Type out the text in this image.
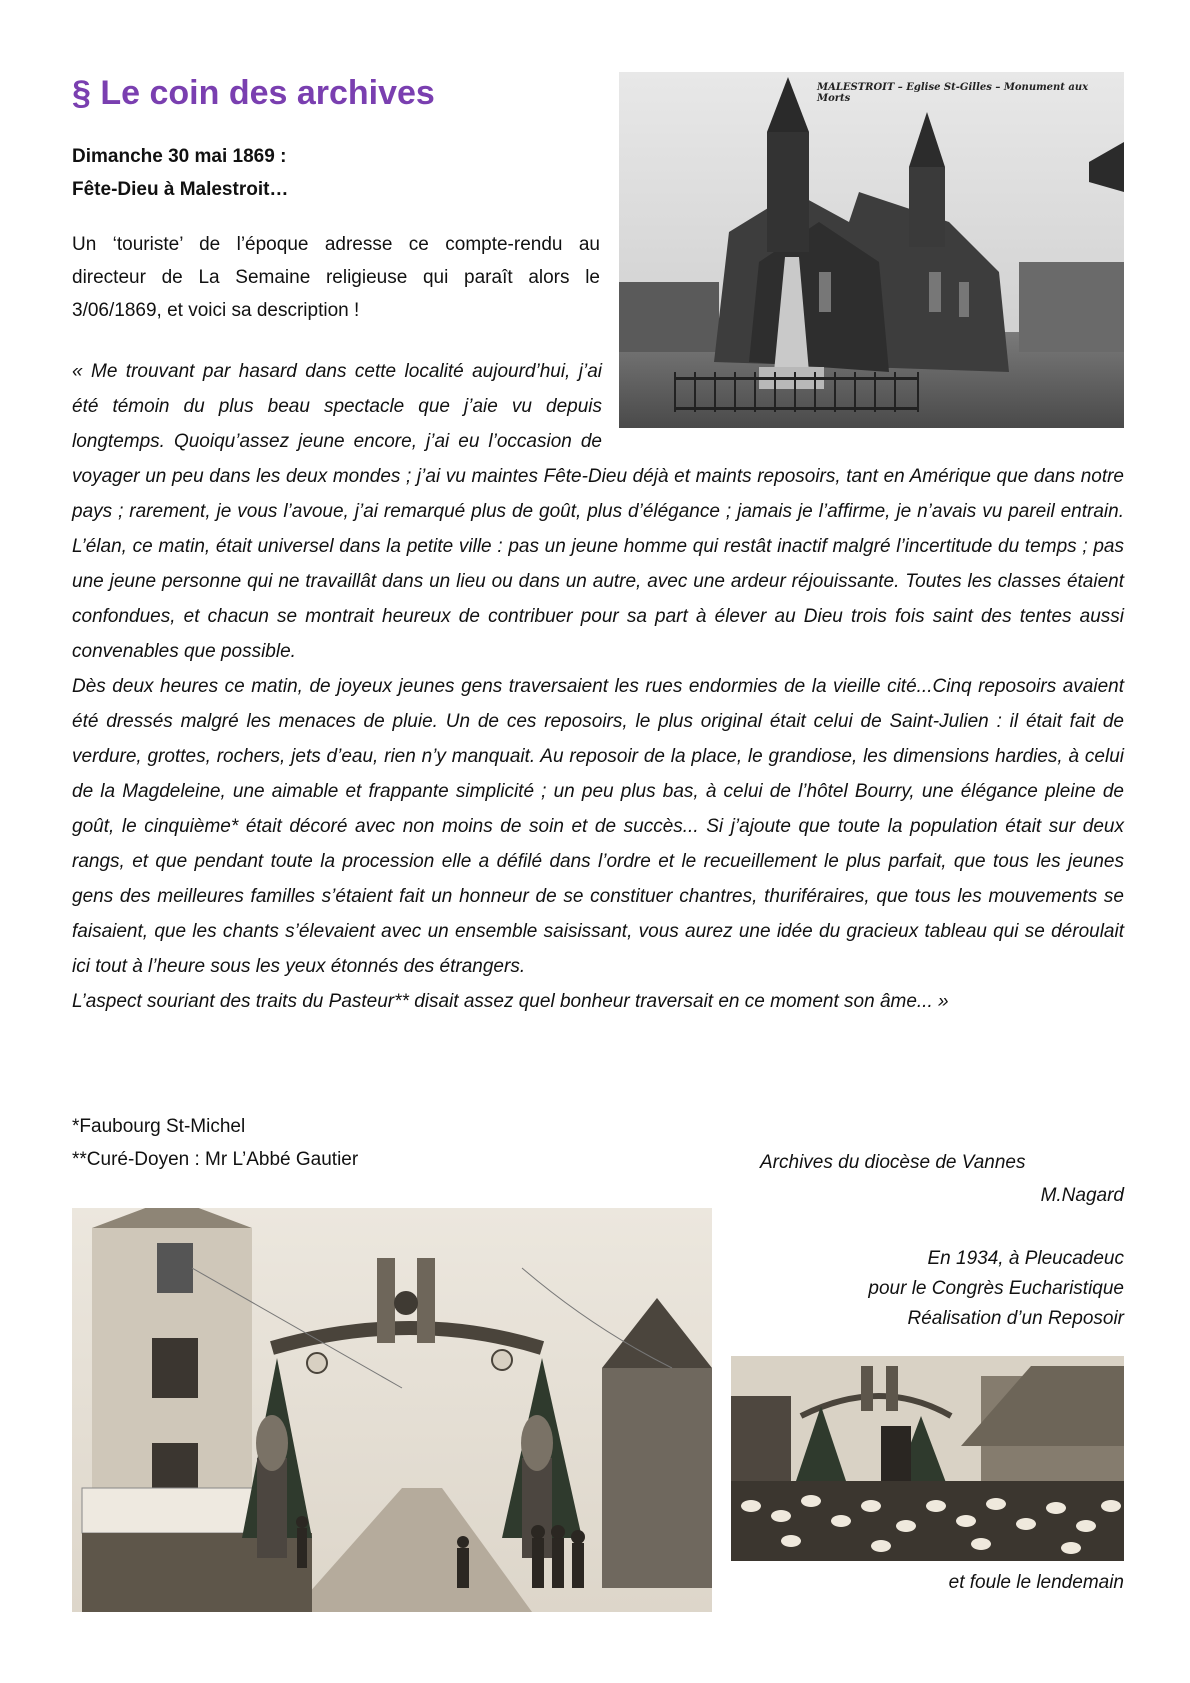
§ Le coin des archives
Dimanche 30 mai 1869 :
Fête-Dieu à Malestroit…
Un ‘touriste’ de l’époque adresse ce compte-rendu au directeur de La Semaine religieuse qui paraît alors le 3/06/1869, et voici sa description !
MALESTROIT – Eglise St-Gilles – Monument aux Morts

« Me trouvant par hasard dans cette localité aujourd’hui, j’ai été témoin du plus beau spectacle que j’aie vu depuis longtemps. Quoiqu’assez jeune encore, j’ai eu l’occasion de voyager un peu dans les deux mondes ; j’ai vu maintes Fête-Dieu déjà et maints reposoirs, tant en Amérique que dans notre pays ; rarement, je vous l’avoue, j’ai remarqué plus de goût, plus d’élégance ; jamais je l’affirme, je n’avais vu pareil entrain. L’élan, ce matin, était universel dans la petite ville : pas un jeune homme qui restât inactif malgré l’incertitude du temps ; pas une jeune personne qui ne travaillât dans un lieu ou dans un autre, avec une ardeur réjouissante. Toutes les classes étaient confondues, et chacun se montrait heureux de contribuer pour sa part à élever au Dieu trois fois saint des tentes aussi convenables que possible.

Dès deux heures ce matin, de joyeux jeunes gens traversaient les rues endormies de la vieille cité...Cinq reposoirs avaient été dressés malgré les menaces de pluie. Un de ces reposoirs, le plus original était celui de Saint-Julien : il était fait de verdure, grottes, rochers, jets d’eau, rien n’y manquait. Au reposoir de la place, le grandiose, les dimensions hardies, à celui de la Magdeleine, une aimable et frappante simplicité ; un peu plus bas, à celui de l’hôtel Bourry, une élégance pleine de goût, le cinquième* était décoré avec non moins de soin et de succès... Si j’ajoute que toute la population était sur deux rangs, et que pendant toute la procession elle a défilé dans l’ordre et le recueillement le plus parfait, que tous les jeunes gens des meilleures familles s’étaient fait un honneur de se constituer chantres, thuriféraires, que tous les mouvements se faisaient, que les chants s’élevaient avec un ensemble saisissant, vous aurez une idée du gracieux tableau qui se déroulait ici tout à l’heure sous les yeux étonnés des étrangers.

L’aspect souriant des traits du Pasteur** disait assez quel bonheur traversait en ce moment son âme... »

*Faubourg St-Michel
**Curé-Doyen : Mr L’Abbé Gautier	Archives du diocèse de Vannes
M.Nagard
En 1934, à Pleucadeuc
pour le Congrès Eucharistique
Réalisation d’un Reposoir
et foule le lendemain
